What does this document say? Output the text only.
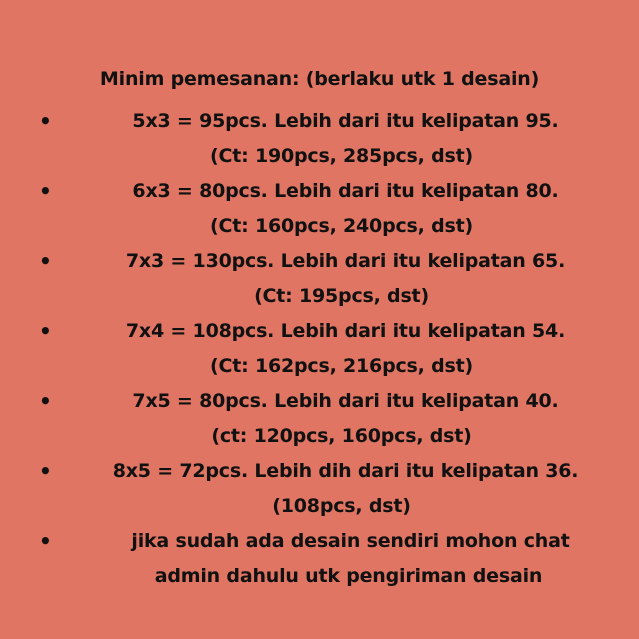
Minim pemesanan: (berlaku utk 1 desain)
•	5x3 = 95pcs. Lebih dari itu kelipatan 95.
(Ct: 190pcs, 285pcs, dst)
•	6x3 = 80pcs. Lebih dari itu kelipatan 80.
(Ct: 160pcs, 240pcs, dst)
•	7x3 = 130pcs. Lebih dari itu kelipatan 65.
(Ct: 195pcs, dst)
•	7x4 = 108pcs. Lebih dari itu kelipatan 54.
(Ct: 162pcs, 216pcs, dst)
•	7x5 = 80pcs. Lebih dari itu kelipatan 40.
(ct: 120pcs, 160pcs, dst)
•	8x5 = 72pcs. Lebih dih dari itu kelipatan 36.
(108pcs, dst)
•	jika sudah ada desain sendiri mohon chat
admin dahulu utk pengiriman desain
